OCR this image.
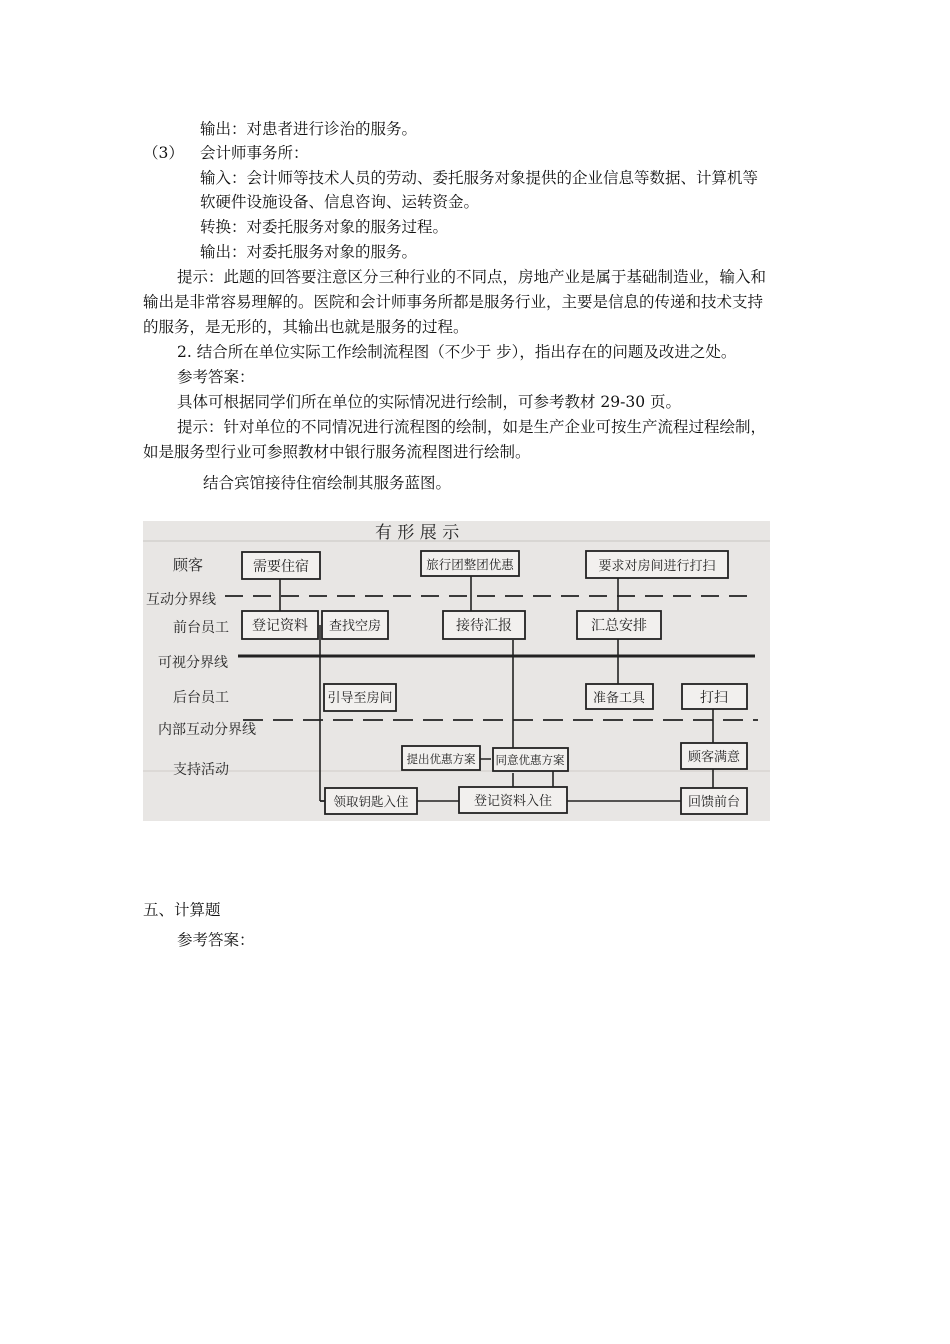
输出：对患者进行诊治的服务。
（3） 会计师事务所：
输入：会计师等技术人员的劳动、委托服务对象提供的企业信息等数据、计算机等
软硬件设施设备、信息咨询、运转资金。
转换：对委托服务对象的服务过程。
输出：对委托服务对象的服务。
提示：此题的回答要注意区分三种行业的不同点，房地产业是属于基础制造业，输入和
输出是非常容易理解的。医院和会计师事务所都是服务行业，主要是信息的传递和技术支持
的服务，是无形的，其输出也就是服务的过程。
2. 结合所在单位实际工作绘制流程图（不少于 步），指出存在的问题及改进之处。
参考答案：
具体可根据同学们所在单位的实际情况进行绘制，可参考教材 29-30 页。
提示：针对单位的不同情况进行流程图的绘制，如是生产企业可按生产流程过程绘制，
如是服务型行业可参照教材中银行服务流程图进行绘制。
结合宾馆接待住宿绘制其服务蓝图。
有 形 展 示
顾客
互动分界线
前台员工
可视分界线
后台员工
内部互动分界线
支持活动
需要住宿	旅行团整团优惠	要求对房间进行打扫
登记资料 查找空房	接待汇报	汇总安排
引导至房间	准备工具	打扫
提出优惠方案 同意优惠方案	顾客满意
领取钥匙入住	登记资料入住	回馈前台
五、计算题
参考答案：
